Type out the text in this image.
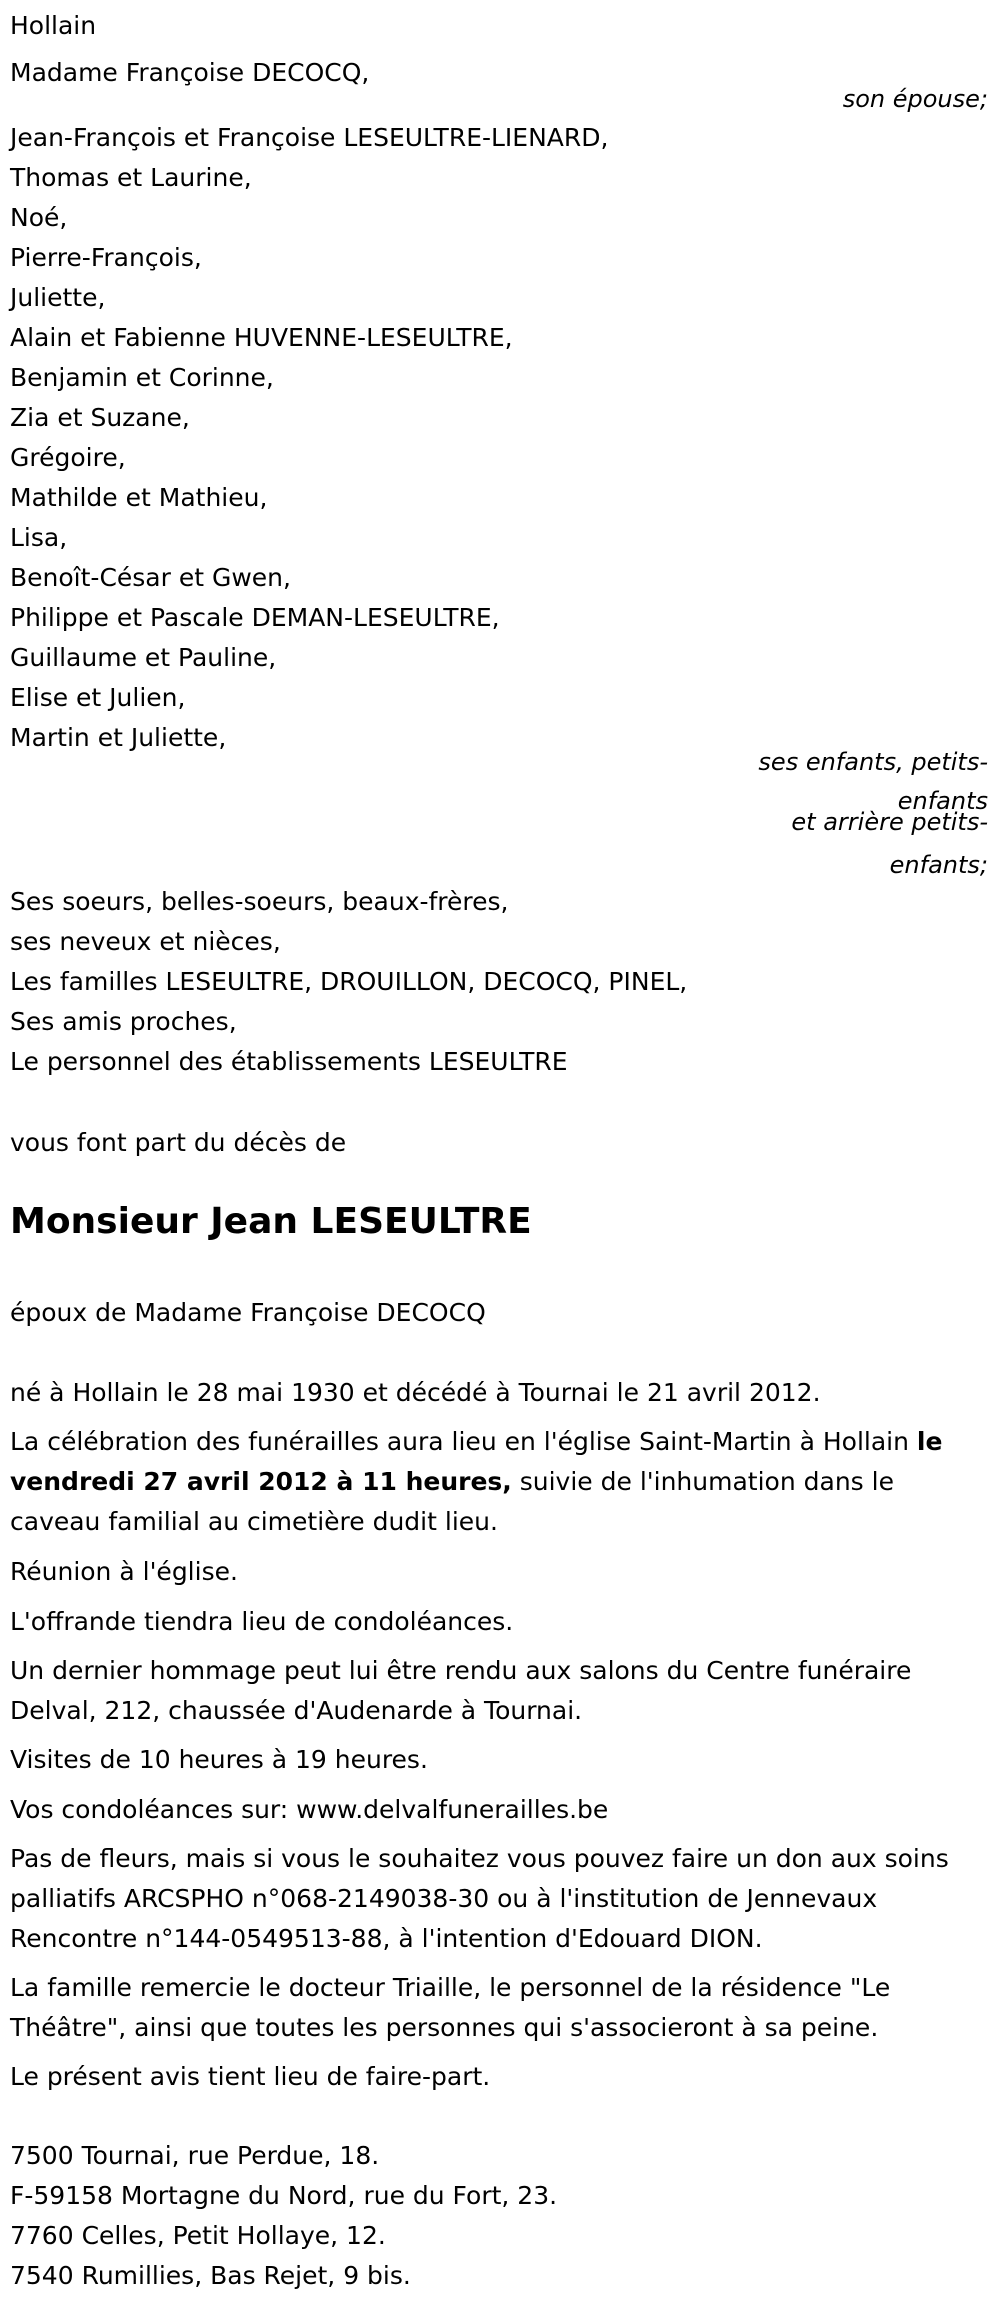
Hollain
Madame Françoise DECOCQ,
son épouse;
Jean-François et Françoise LESEULTRE-LIENARD,
Thomas et Laurine,
Noé,
Pierre-François,
Juliette,
Alain et Fabienne HUVENNE-LESEULTRE,
Benjamin et Corinne,
Zia et Suzane,
Grégoire,
Mathilde et Mathieu,
Lisa,
Benoît-César et Gwen,
Philippe et Pascale DEMAN-LESEULTRE,
Guillaume et Pauline,
Elise et Julien,
Martin et Juliette,
ses enfants, petits-
enfants
et arrière petits-
enfants;
Ses soeurs, belles-soeurs, beaux-frères,
ses neveux et nièces,
Les familles LESEULTRE, DROUILLON, DECOCQ, PINEL,
Ses amis proches,
Le personnel des établissements LESEULTRE
vous font part du décès de
Monsieur Jean LESEULTRE
époux de Madame Françoise DECOCQ
né à Hollain le 28 mai 1930 et décédé à Tournai le 21 avril 2012.
La célébration des funérailles aura lieu en l'église Saint-Martin à Hollain le vendredi 27 avril 2012 à 11 heures, suivie de l'inhumation dans le caveau familial au cimetière dudit lieu.
Réunion à l'église.
L'offrande tiendra lieu de condoléances.
Un dernier hommage peut lui être rendu aux salons du Centre funéraire Delval, 212, chaussée d'Audenarde à Tournai.
Visites de 10 heures à 19 heures.
Vos condoléances sur: www.delvalfunerailles.be
Pas de fleurs, mais si vous le souhaitez vous pouvez faire un don aux soins palliatifs ARCSPHO n°068-2149038-30 ou à l'institution de Jennevaux Rencontre n°144-0549513-88, à l'intention d'Edouard DION.
La famille remercie le docteur Triaille, le personnel de la résidence "Le Théâtre", ainsi que toutes les personnes qui s'associeront à sa peine.
Le présent avis tient lieu de faire-part.
7500 Tournai, rue Perdue, 18.
F-59158 Mortagne du Nord, rue du Fort, 23.
7760 Celles, Petit Hollaye, 12.
7540 Rumillies, Bas Rejet, 9 bis.
